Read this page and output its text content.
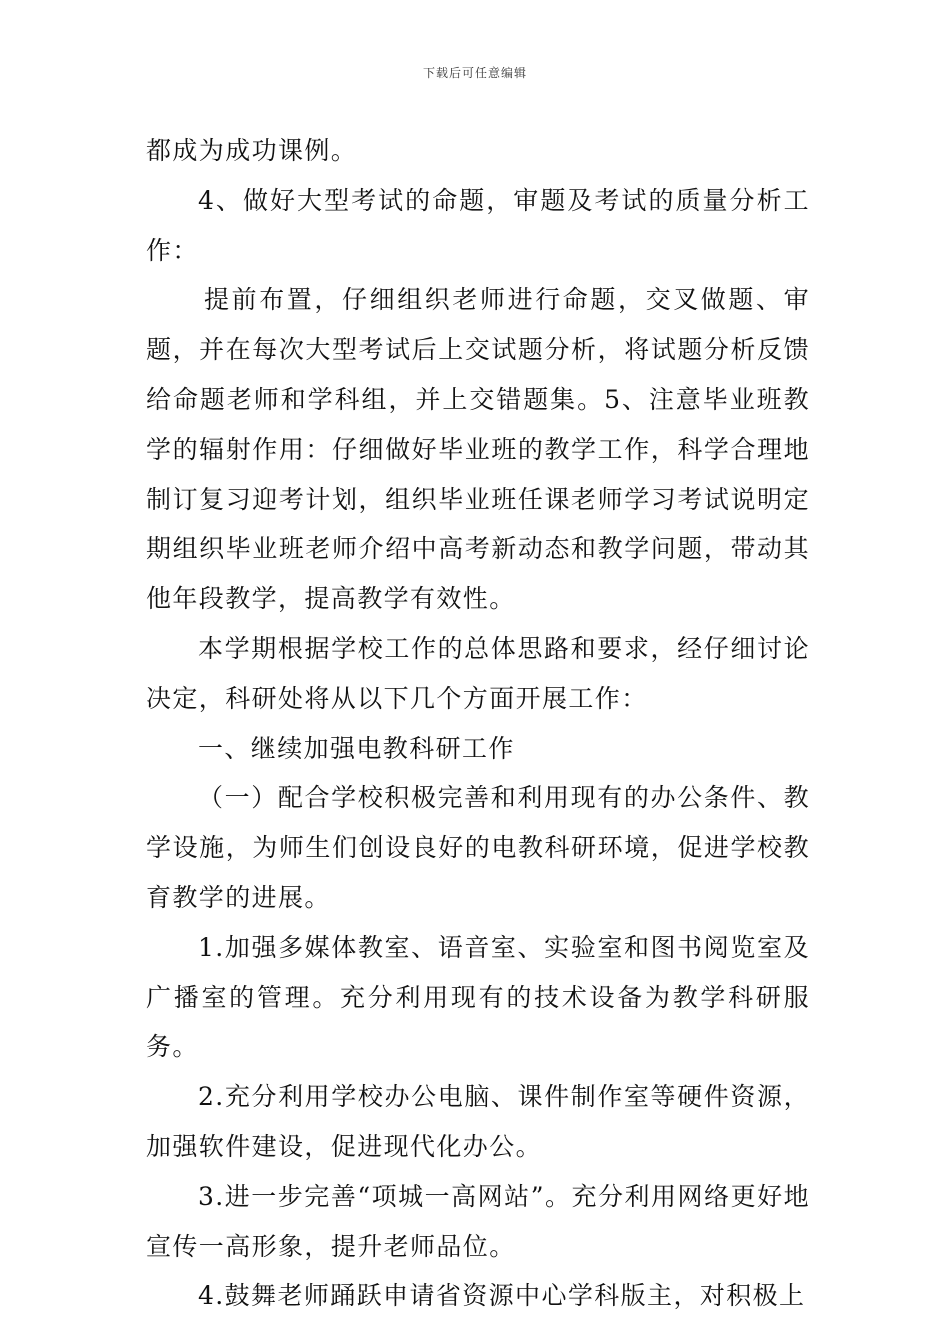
下载后可任意编辑

都成为成功课例。

4、做好大型考试的命题，审题及考试的质量分析工作：

提前布置，仔细组织老师进行命题，交叉做题、审题，并在每次大型考试后上交试题分析，将试题分析反馈给命题老师和学科组，并上交错题集。5、注意毕业班教学的辐射作用：仔细做好毕业班的教学工作，科学合理地制订复习迎考计划，组织毕业班任课老师学习考试说明定期组织毕业班老师介绍中高考新动态和教学问题，带动其他年段教学，提高教学有效性。

本学期根据学校工作的总体思路和要求，经仔细讨论决定，科研处将从以下几个方面开展工作：

一、继续加强电教科研工作

（一）配合学校积极完善和利用现有的办公条件、教学设施，为师生们创设良好的电教科研环境，促进学校教育教学的进展。

1.加强多媒体教室、语音室、实验室和图书阅览室及广播室的管理。充分利用现有的技术设备为教学科研服务。

2.充分利用学校办公电脑、课件制作室等硬件资源，加强软件建设，促进现代化办公。

3.进一步完善“项城一高网站”。充分利用网络更好地宣传一高形象，提升老师品位。

4.鼓舞老师踊跃申请省资源中心学科版主，对积极上
